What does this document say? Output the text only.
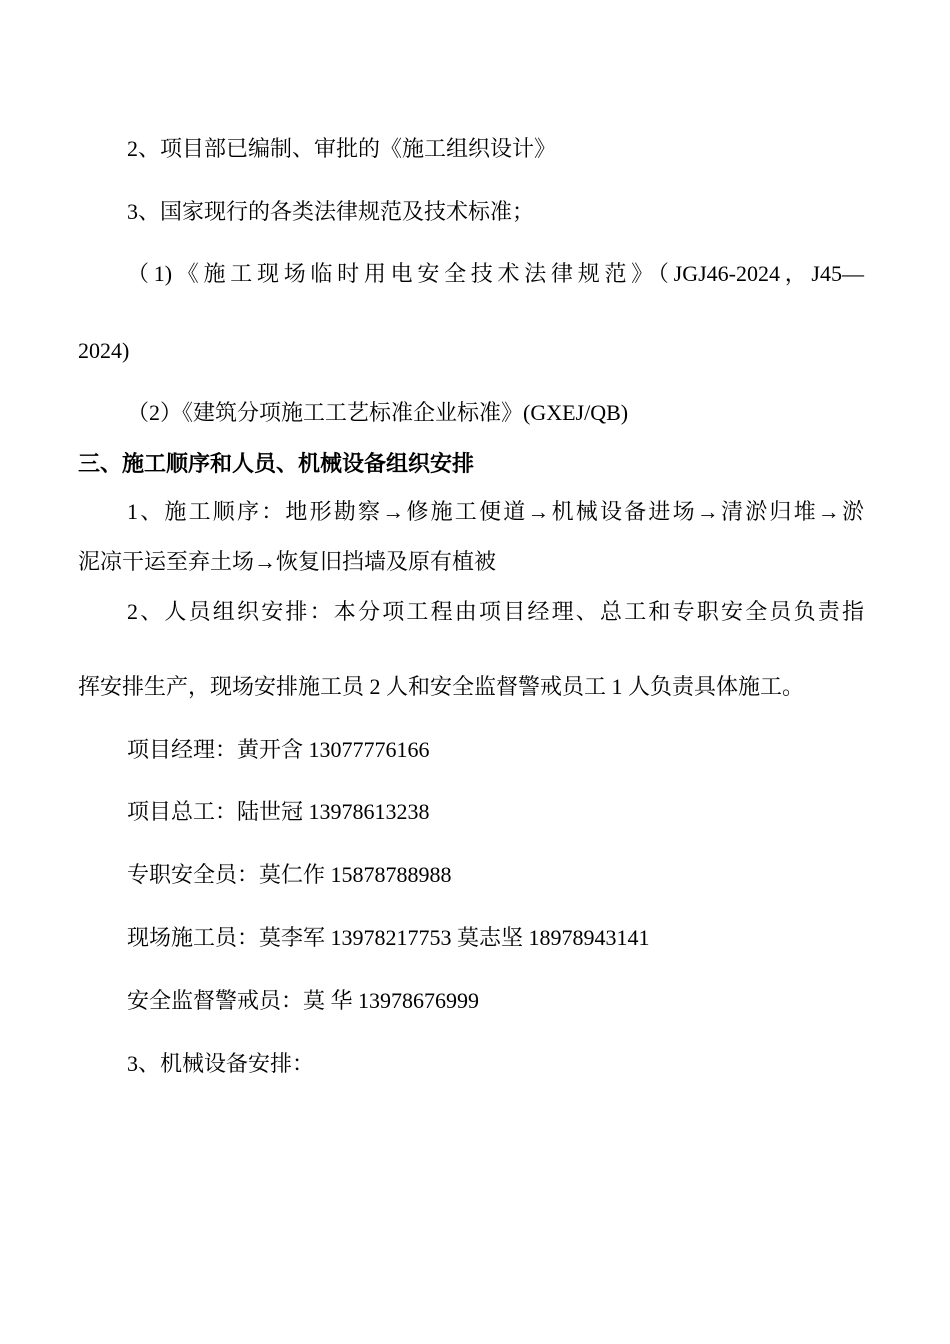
2、项目部已编制、审批的《施工组织设计》
3、国家现行的各类法律规范及技术标准；
（1)《施工现场临时用电安全技术法律规范》（JGJ46-2024，J45—
2024)
（2）《建筑分项施工工艺标准企业标准》(GXEJ/QB)
三、施工顺序和人员、机械设备组织安排
1、施工顺序：地形勘察→修施工便道→机械设备进场→清淤归堆→淤
泥凉干运至弃土场→恢复旧挡墙及原有植被
2、人员组织安排：本分项工程由项目经理、总工和专职安全员负责指
挥安排生产，现场安排施工员 2 人和安全监督警戒员工 1 人负责具体施工。
项目经理：黄开含 13077776166
项目总工：陆世冠 13978613238
专职安全员：莫仁作 15878788988
现场施工员：莫李军 13978217753 莫志坚 18978943141
安全监督警戒员：莫 华 13978676999
3、机械设备安排：
